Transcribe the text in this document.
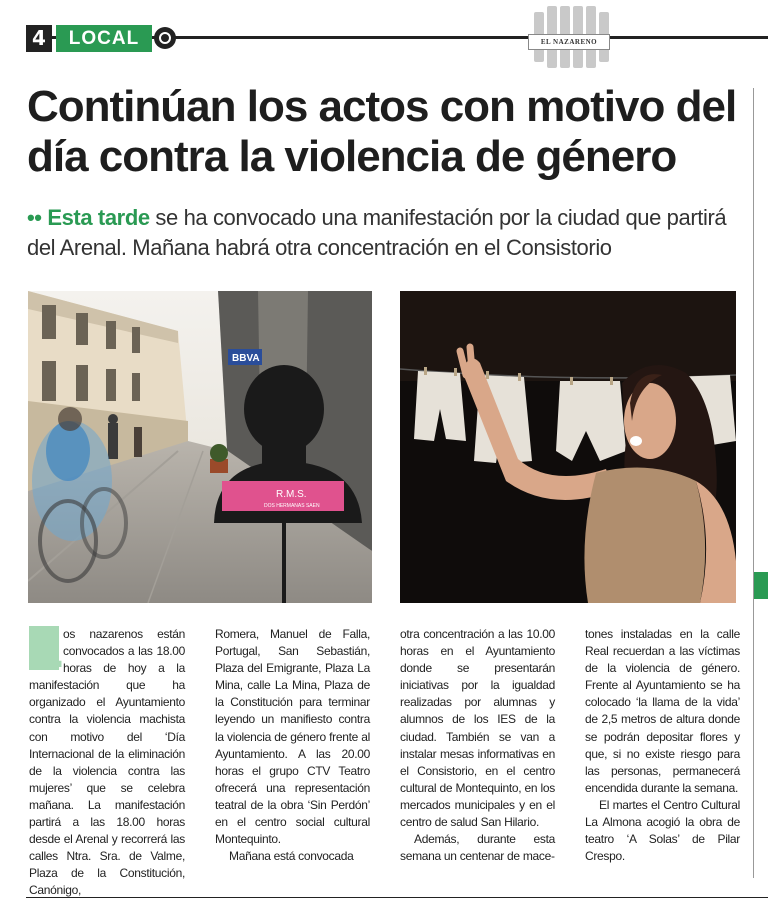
4	LOCAL	EL NAZARENO
Continúan los actos con motivo del día contra la violencia de género

•• Esta tarde se ha convocado una manifestación por la ciudad que partirá del Arenal. Mañana habrá otra concentración en el Consistorio

BBVA
R.M.S.
DOS HERMANAS SAEN
L os nazarenos están convocados a las 18.00 horas de hoy a la manifestación que ha organizado el Ayuntamiento contra la violencia machista con motivo del ‘Día Internacional de la eliminación de la violencia contra las mujeres’ que se celebra mañana. La manifestación partirá a las 18.00 horas desde el Arenal y recorrerá las calles Ntra. Sra. de Valme, Plaza de la Constitución, Canónigo,

Romera, Manuel de Falla, Portugal, San Sebastián, Plaza del Emigrante, Plaza La Mina, calle La Mina, Plaza de la Constitución para terminar leyendo un manifiesto contra la violencia de género frente al Ayuntamiento. A las 20.00 horas el grupo CTV Teatro ofrecerá una representación teatral de la obra ‘Sin Perdón’ en el centro social cultural Montequinto.

Mañana está convocada

otra concentración a las 10.00 horas en el Ayuntamiento donde se presentarán iniciativas por la igualdad realizadas por alumnas y alumnos de los IES de la ciudad. También se van a instalar mesas informativas en el Consistorio, en el centro cultural de Montequinto, en los mercados municipales y en el centro de salud San Hilario.

Además, durante esta semana un centenar de mace-

tones instaladas en la calle Real recuerdan a las víctimas de la violencia de género. Frente al Ayuntamiento se ha colocado ‘la llama de la vida’ de 2,5 metros de altura donde se podrán depositar flores y que, si no existe riesgo para las personas, permanecerá encendida durante la semana.

El martes el Centro Cultural La Almona acogió la obra de teatro ‘A Solas’ de Pilar Crespo.
